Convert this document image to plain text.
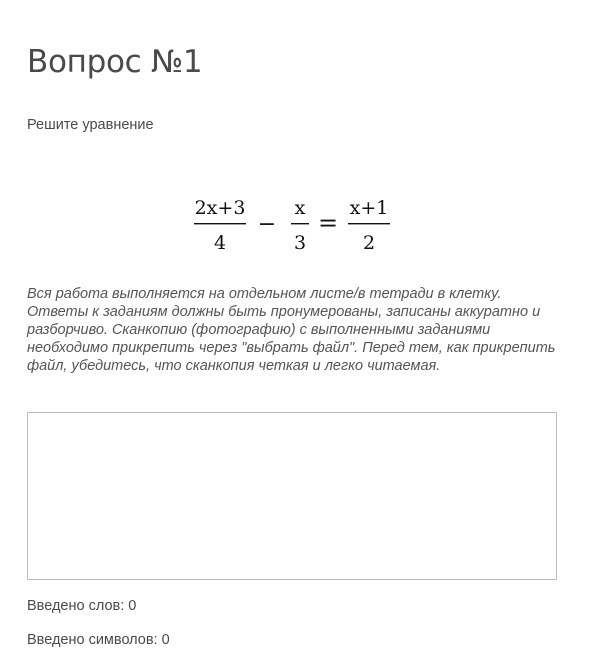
Вопрос №1
Решите уравнение
2x+3
4
−
x
3
=
x+1
2

Вся работа выполняется на отдельном листе/в тетради в клетку. Ответы к заданиям должны быть пронумерованы, записаны аккуратно и разборчиво. Сканкопию (фотографию) с выполненными заданиями необходимо прикрепить через "выбрать файл". Перед тем, как прикрепить файл, убедитесь, что сканкопия четкая и легко читаемая.

Введено слов: 0
Введено символов: 0
